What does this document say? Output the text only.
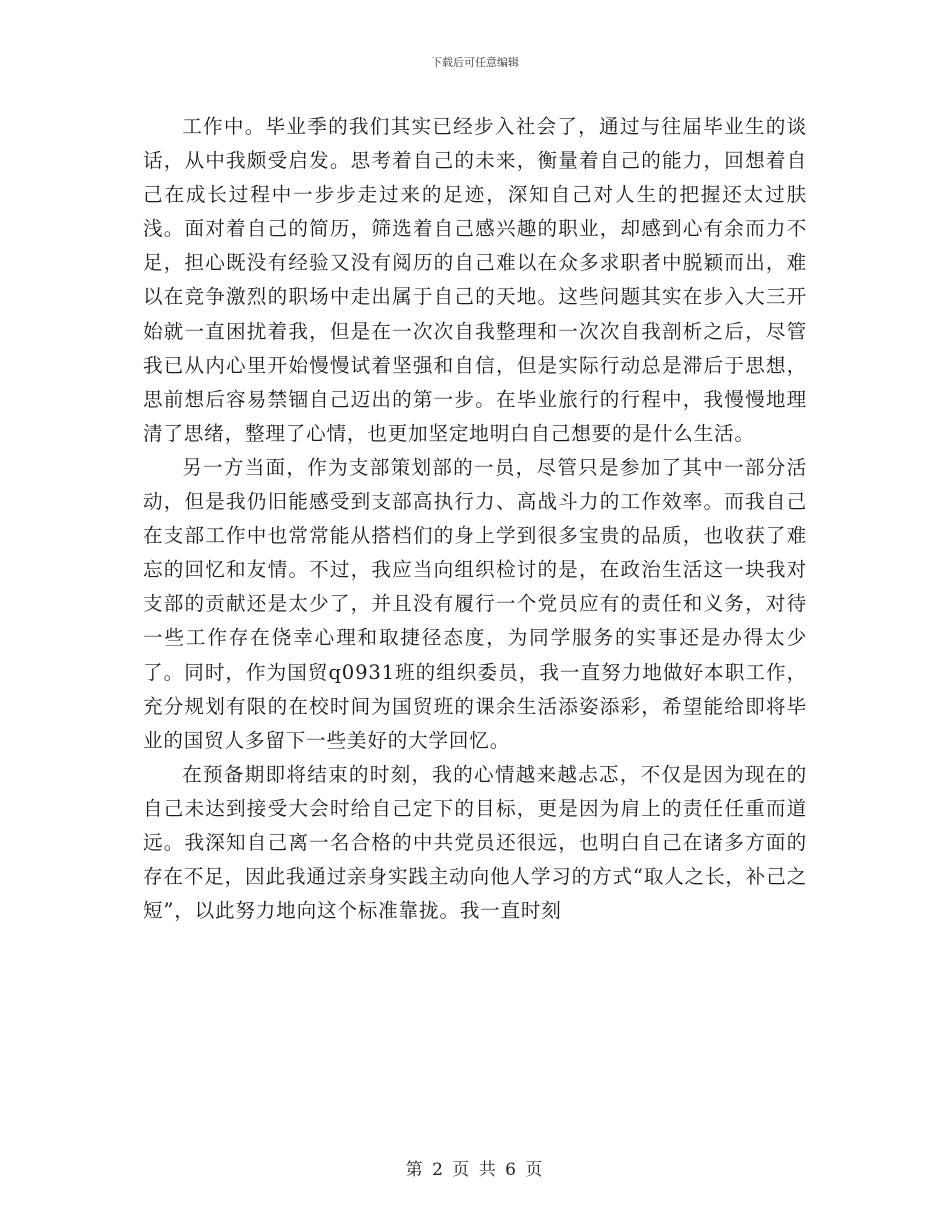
下载后可任意编辑

工作中。毕业季的我们其实已经步入社会了，通过与往届毕业生的谈话，从中我颇受启发。思考着自己的未来，衡量着自己的能力，回想着自己在成长过程中一步步走过来的足迹，深知自己对人生的把握还太过肤浅。面对着自己的简历，筛选着自己感兴趣的职业，却感到心有余而力不足，担心既没有经验又没有阅历的自己难以在众多求职者中脱颖而出，难以在竞争激烈的职场中走出属于自己的天地。这些问题其实在步入大三开始就一直困扰着我，但是在一次次自我整理和一次次自我剖析之后，尽管我已从内心里开始慢慢试着坚强和自信，但是实际行动总是滞后于思想，思前想后容易禁锢自己迈出的第一步。在毕业旅行的行程中，我慢慢地理清了思绪，整理了心情，也更加坚定地明白自己想要的是什么生活。

另一方当面，作为支部策划部的一员，尽管只是参加了其中一部分活动，但是我仍旧能感受到支部高执行力、高战斗力的工作效率。而我自己在支部工作中也常常能从搭档们的身上学到很多宝贵的品质，也收获了难忘的回忆和友情。不过，我应当向组织检讨的是，在政治生活这一块我对支部的贡献还是太少了，并且没有履行一个党员应有的责任和义务，对待一些工作存在侥幸心理和取捷径态度，为同学服务的实事还是办得太少了。同时，作为国贸q0931班的组织委员，我一直努力地做好本职工作，充分规划有限的在校时间为国贸班的课余生活添姿添彩，希望能给即将毕业的国贸人多留下一些美好的大学回忆。

在预备期即将结束的时刻，我的心情越来越忐忑，不仅是因为现在的自己未达到接受大会时给自己定下的目标，更是因为肩上的责任任重而道远。我深知自己离一名合格的中共党员还很远，也明白自己在诸多方面的存在不足，因此我通过亲身实践主动向他人学习的方式“取人之长，补己之短”，以此努力地向这个标准靠拢。我一直时刻

第 2 页 共 6 页
